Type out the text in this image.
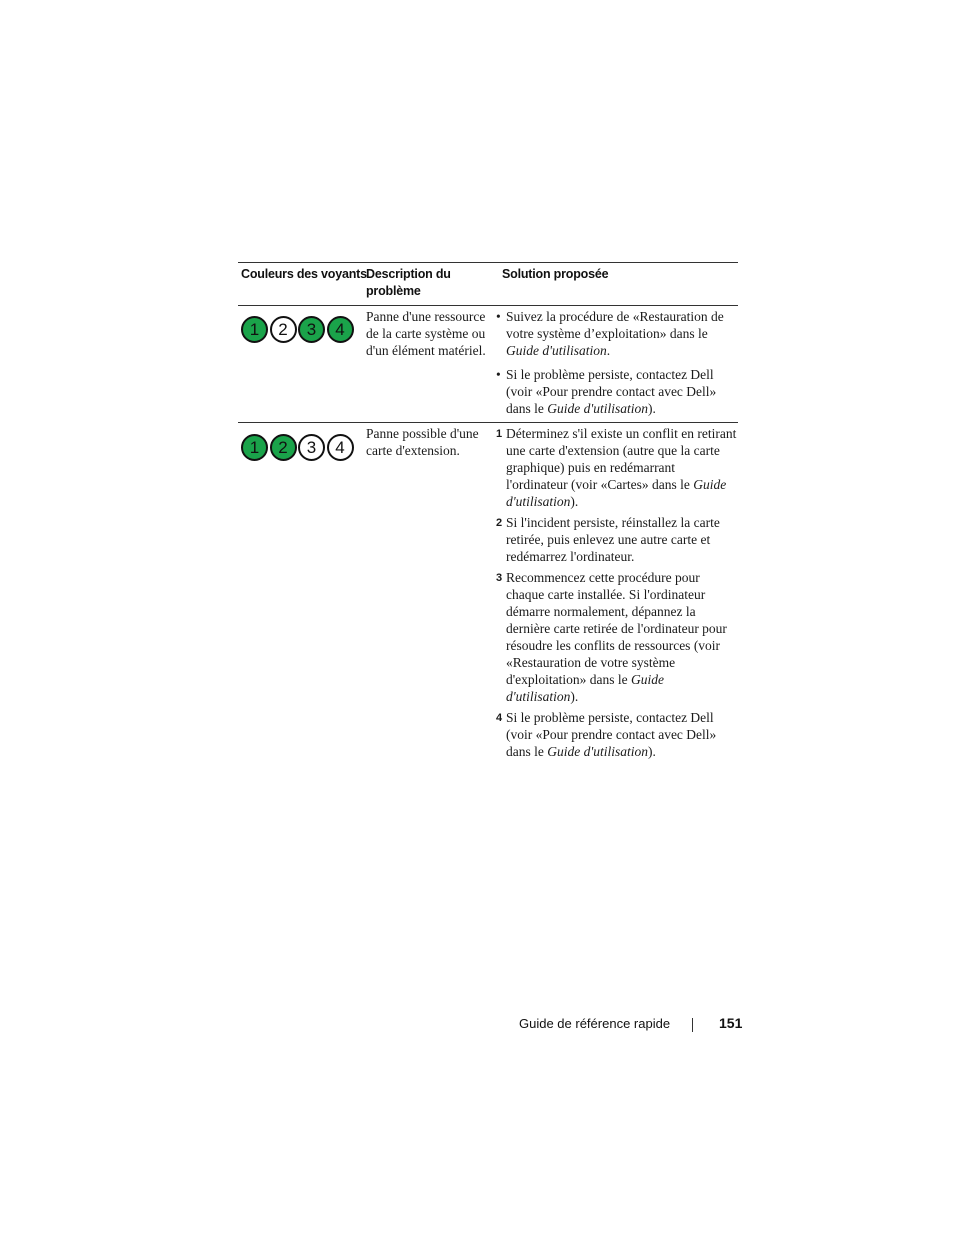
Couleurs des voyants Description du problème
Solution proposée
1 2 3 4
Panne d'une ressource de la carte système ou d'un élément matériel.
• Suivez la procédure de «Restauration de votre système d’exploitation» dans le Guide d'utilisation.
• Si le problème persiste, contactez Dell (voir «Pour prendre contact avec Dell» dans le Guide d'utilisation).
1 2 3 4
Panne possible d'une carte d'extension.
1 Déterminez s'il existe un conflit en retirant une carte d'extension (autre que la carte graphique) puis en redémarrant l'ordinateur (voir «Cartes» dans le Guide d'utilisation).
2 Si l'incident persiste, réinstallez la carte retirée, puis enlevez une autre carte et redémarrez l'ordinateur.
3 Recommencez cette procédure pour chaque carte installée. Si l'ordinateur démarre normalement, dépannez la dernière carte retirée de l'ordinateur pour résoudre les conflits de ressources (voir «Restauration de votre système d'exploitation» dans le Guide d'utilisation).
4 Si le problème persiste, contactez Dell (voir «Pour prendre contact avec Dell» dans le Guide d'utilisation).
Guide de référence rapide	151
